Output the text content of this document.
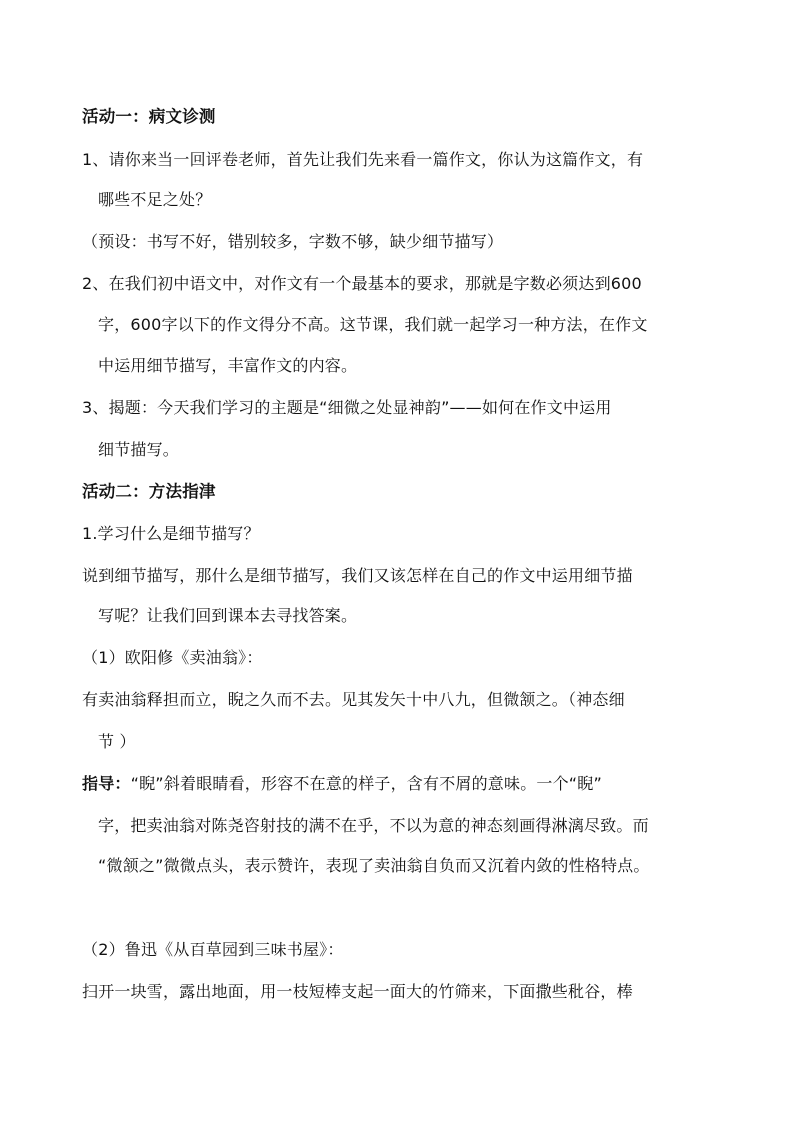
活动一：病文诊测
1、请你来当一回评卷老师，首先让我们先来看一篇作文，你认为这篇作文，有
哪些不足之处？
（预设：书写不好，错别较多，字数不够，缺少细节描写）
2、在我们初中语文中，对作文有一个最基本的要求，那就是字数必须达到600
字，600字以下的作文得分不高。这节课，我们就一起学习一种方法，在作文
中运用细节描写，丰富作文的内容。
3、揭题：今天我们学习的主题是“细微之处显神韵”——如何在作文中运用
细节描写。
活动二：方法指津
1.学习什么是细节描写？
说到细节描写，那什么是细节描写，我们又该怎样在自己的作文中运用细节描
写呢？让我们回到课本去寻找答案。
（1）欧阳修《卖油翁》：
有卖油翁释担而立，睨之久而不去。见其发矢十中八九，但微颔之。（神态细
节 ）
指导：“睨”斜着眼睛看，形容不在意的样子，含有不屑的意味。一个“睨”
字，把卖油翁对陈尧咨射技的满不在乎，不以为意的神态刻画得淋漓尽致。而
“微颔之”微微点头，表示赞许，表现了卖油翁自负而又沉着内敛的性格特点。
（2）鲁迅《从百草园到三味书屋》：
扫开一块雪，露出地面，用一枝短棒支起一面大的竹筛来，下面撒些秕谷，棒
